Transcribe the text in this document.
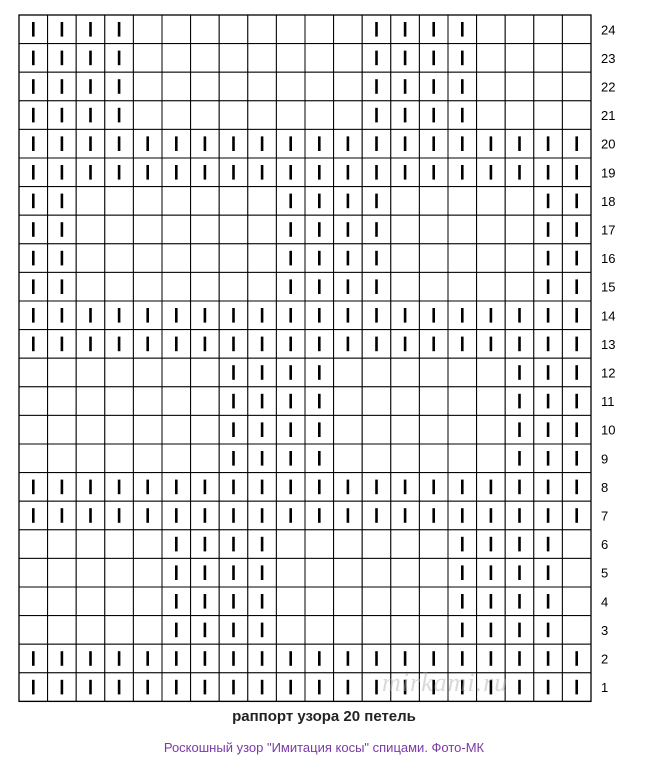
24
23
22
21
20
19
18
17
16
15
14
13
12
11
10
9
8
7
6
5
4
3
2
1
mirkami.ru
раппорт узора 20 петель
Роскошный узор "Имитация косы" спицами. Фото-МК
